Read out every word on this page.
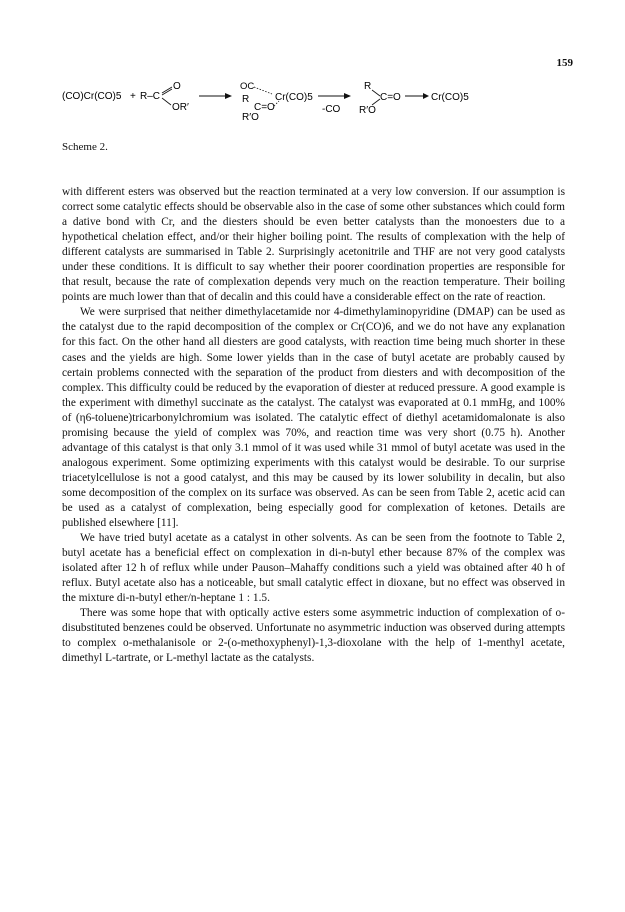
159
(CO)Cr(CO)5 + R–C
O
OR′
OC
R
C=O
Cr(CO)5
R′O
-CO
R
C=O
R′O
Cr(CO)5
Scheme 2.

with different esters was observed but the reaction terminated at a very low conversion. If our assumption is correct some catalytic effects should be observable also in the case of some other substances which could form a dative bond with Cr, and the diesters should be even better catalysts than the monoesters due to a hypothetical chelation effect, and/or their higher boiling point. The results of complexation with the help of different catalysts are summarised in Table 2. Surprisingly acetonitrile and THF are not very good catalysts under these conditions. It is difficult to say whether their poorer coordination properties are responsible for that result, because the rate of complexation depends very much on the reaction temperature. Their boiling points are much lower than that of decalin and this could have a considerable effect on the rate of reaction.

We were surprised that neither dimethylacetamide nor 4-dimethylaminopyridine (DMAP) can be used as the catalyst due to the rapid decomposition of the complex or Cr(CO)6, and we do not have any explanation for this fact. On the other hand all diesters are good catalysts, with reaction time being much shorter in these cases and the yields are high. Some lower yields than in the case of butyl acetate are probably caused by certain problems connected with the separation of the product from diesters and with decomposition of the complex. This difficulty could be reduced by the evaporation of diester at reduced pressure. A good example is the experiment with dimethyl succinate as the catalyst. The catalyst was evaporated at 0.1 mmHg, and 100% of (η6-toluene)tricarbonylchromium was isolated. The catalytic effect of diethyl acetamidomalonate is also promising because the yield of complex was 70%, and reaction time was very short (0.75 h). Another advantage of this catalyst is that only 3.1 mmol of it was used while 31 mmol of butyl acetate was used in the analogous experiment. Some optimizing experiments with this catalyst would be desirable. To our surprise triacetylcellulose is not a good catalyst, and this may be caused by its lower solubility in decalin, but also some decomposition of the complex on its surface was observed. As can be seen from Table 2, acetic acid can be used as a catalyst of complexation, being especially good for complexation of ketones. Details are published elsewhere [11].

We have tried butyl acetate as a catalyst in other solvents. As can be seen from the footnote to Table 2, butyl acetate has a beneficial effect on complexation in di-n-butyl ether because 87% of the complex was isolated after 12 h of reflux while under Pauson–Mahaffy conditions such a yield was obtained after 40 h of reflux. Butyl acetate also has a noticeable, but small catalytic effect in dioxane, but no effect was observed in the mixture di-n-butyl ether/n-heptane 1 : 1.5.

There was some hope that with optically active esters some asymmetric induction of complexation of o-disubstituted benzenes could be observed. Unfortunate no asymmetric induction was observed during attempts to complex o-methalanisole or 2-(o-methoxyphenyl)-1,3-dioxolane with the help of 1-menthyl acetate, dimethyl L-tartrate, or L-methyl lactate as the catalysts.
